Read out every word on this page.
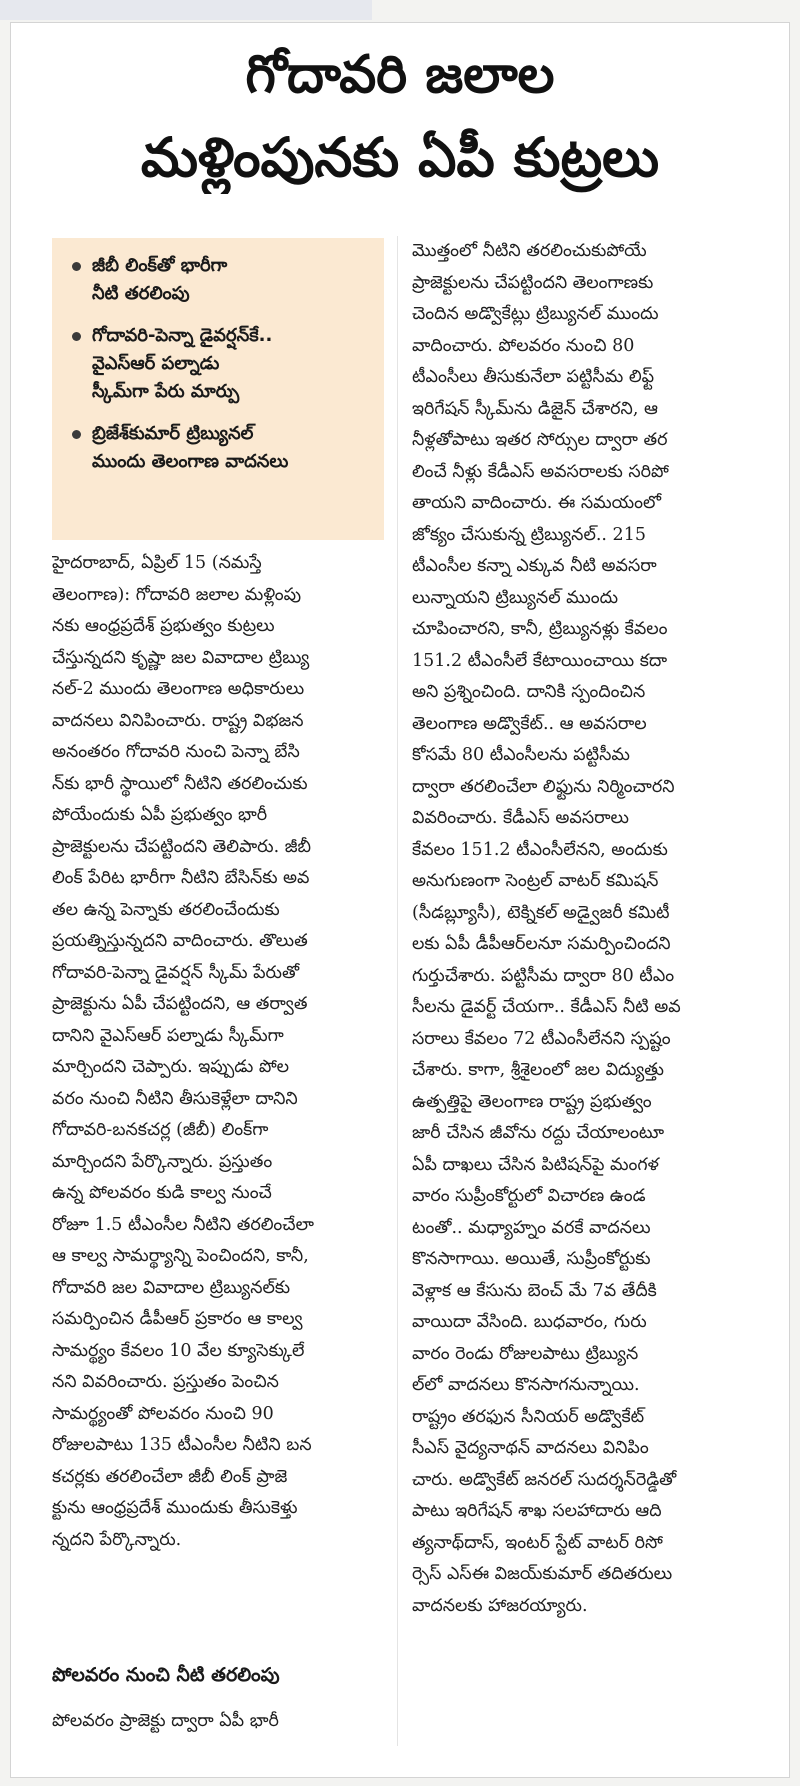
గోదావరి జలాల
మళ్లింపునకు ఏపీ కుట్రలు
జీబీ లింక్‌తో భారీగా
నీటి తరలింపు
గోదావరి-పెన్నా డైవర్షన్‌కే..
వైఎస్‌ఆర్ పల్నాడు
స్కీమ్‌గా పేరు మార్పు
బ్రిజేశ్‌కుమార్ ట్రిబ్యునల్
ముందు తెలంగాణ వాదనలు

హైదరాబాద్, ఏప్రిల్ 15 (నమస్తే

తెలంగాణ): గోదావరి జలాల మళ్లింపు

నకు ఆంధ్రప్రదేశ్ ప్రభుత్వం కుట్రలు

చేస్తున్నదని కృష్ణా జల వివాదాల ట్రిబ్యు

నల్-2 ముందు తెలంగాణ అధికారులు

వాదనలు వినిపించారు. రాష్ట్ర విభజన

అనంతరం గోదావరి నుంచి పెన్నా బేసి

న్‌కు భారీ స్థాయిలో నీటిని తరలించుకు

పోయేందుకు ఏపీ ప్రభుత్వం భారీ

ప్రాజెక్టులను చేపట్టిందని తెలిపారు. జీబీ

లింక్ పేరిట భారీగా నీటిని బేసిన్‌కు అవ

తల ఉన్న పెన్నాకు తరలించేందుకు

ప్రయత్నిస్తున్నదని వాదించారు. తొలుత

గోదావరి-పెన్నా డైవర్షన్ స్కీమ్ పేరుతో

ప్రాజెక్టును ఏపీ చేపట్టిందని, ఆ తర్వాత

దానిని వైఎస్‌ఆర్ పల్నాడు స్కీమ్‌గా

మార్చిందని చెప్పారు. ఇప్పుడు పోల

వరం నుంచి నీటిని తీసుకెళ్లేలా దానిని

గోదావరి-బనకచర్ల (జీబీ) లింక్‌గా

మార్చిందని పేర్కొన్నారు. ప్రస్తుతం

ఉన్న పోలవరం కుడి కాల్వ నుంచే

రోజూ 1.5 టీఎంసీల నీటిని తరలించేలా

ఆ కాల్వ సామర్థ్యాన్ని పెంచిందని, కానీ,

గోదావరి జల వివాదాల ట్రిబ్యునల్‌కు

సమర్పించిన డీపీఆర్ ప్రకారం ఆ కాల్వ

సామర్థ్యం కేవలం 10 వేల క్యూసెక్కులే

నని వివరించారు. ప్రస్తుతం పెంచిన

సామర్థ్యంతో పోలవరం నుంచి 90

రోజులపాటు 135 టీఎంసీల నీటిని బన

కచర్లకు తరలించేలా జీబీ లింక్ ప్రాజె

క్టును ఆంధ్రప్రదేశ్ ముందుకు తీసుకెళ్తు

న్నదని పేర్కొన్నారు.

పోలవరం నుంచి నీటి తరలింపు

పోలవరం ప్రాజెక్టు ద్వారా ఏపీ భారీ

మొత్తంలో నీటిని తరలించుకుపోయే

ప్రాజెక్టులను చేపట్టిందని తెలంగాణకు

చెందిన అడ్వొకేట్లు ట్రిబ్యునల్ ముందు

వాదించారు. పోలవరం నుంచి 80

టీఎంసీలు తీసుకునేలా పట్టిసీమ లిఫ్ట్

ఇరిగేషన్ స్కీమ్‌ను డిజైన్ చేశారని, ఆ

నీళ్లతోపాటు ఇతర సోర్సుల ద్వారా తర

లించే నీళ్లు కేడీఎస్ అవసరాలకు సరిపో

తాయని వాదించారు. ఈ సమయంలో

జోక్యం చేసుకున్న ట్రిబ్యునల్.. 215

టీఎంసీల కన్నా ఎక్కువ నీటి అవసరా

లున్నాయని ట్రిబ్యునల్ ముందు

చూపించారని, కానీ, ట్రిబ్యునళ్లు కేవలం

151.2 టీఎంసీలే కేటాయించాయి కదా

అని ప్రశ్నించింది. దానికి స్పందించిన

తెలంగాణ అడ్వొకేట్.. ఆ అవసరాల

కోసమే 80 టీఎంసీలను పట్టిసీమ

ద్వారా తరలించేలా లిఫ్టును నిర్మించారని

వివరించారు. కేడీఎస్ అవసరాలు

కేవలం 151.2 టీఎంసీలేనని, అందుకు

అనుగుణంగా సెంట్రల్ వాటర్ కమిషన్

(సీడబ్ల్యూసీ), టెక్నికల్ అడ్వైజరీ కమిటీ

లకు ఏపీ డీపీఆర్‌లనూ సమర్పించిందని

గుర్తుచేశారు. పట్టిసీమ ద్వారా 80 టీఎం

సీలను డైవర్ట్ చేయగా.. కేడీఎస్ నీటి అవ

సరాలు కేవలం 72 టీఎంసీలేనని స్పష్టం

చేశారు. కాగా, శ్రీశైలంలో జల విద్యుత్తు

ఉత్పత్తిపై తెలంగాణ రాష్ట్ర ప్రభుత్వం

జారీ చేసిన జీవోను రద్దు చేయాలంటూ

ఏపీ దాఖలు చేసిన పిటిషన్‌పై మంగళ

వారం సుప్రీంకోర్టులో విచారణ ఉండ

టంతో.. మధ్యాహ్నం వరకే వాదనలు

కొనసాగాయి. అయితే, సుప్రీంకోర్టుకు

వెళ్లాక ఆ కేసును బెంచ్ మే 7వ తేదీకి

వాయిదా వేసింది. బుధవారం, గురు

వారం రెండు రోజులపాటు ట్రిబ్యున

ల్‌లో వాదనలు కొనసాగనున్నాయి.

రాష్ట్రం తరఫున సీనియర్ అడ్వొకేట్

సీఎస్ వైద్యనాథన్ వాదనలు వినిపిం

చారు. అడ్వొకేట్ జనరల్ సుదర్శన్‌రెడ్డితో

పాటు ఇరిగేషన్ శాఖ సలహాదారు ఆది

త్యనాథ్‌దాస్, ఇంటర్ స్టేట్ వాటర్ రిసో

ర్సెస్ ఎస్‌ఈ విజయ్‌కుమార్ తదితరులు

వాదనలకు హాజరయ్యారు.
